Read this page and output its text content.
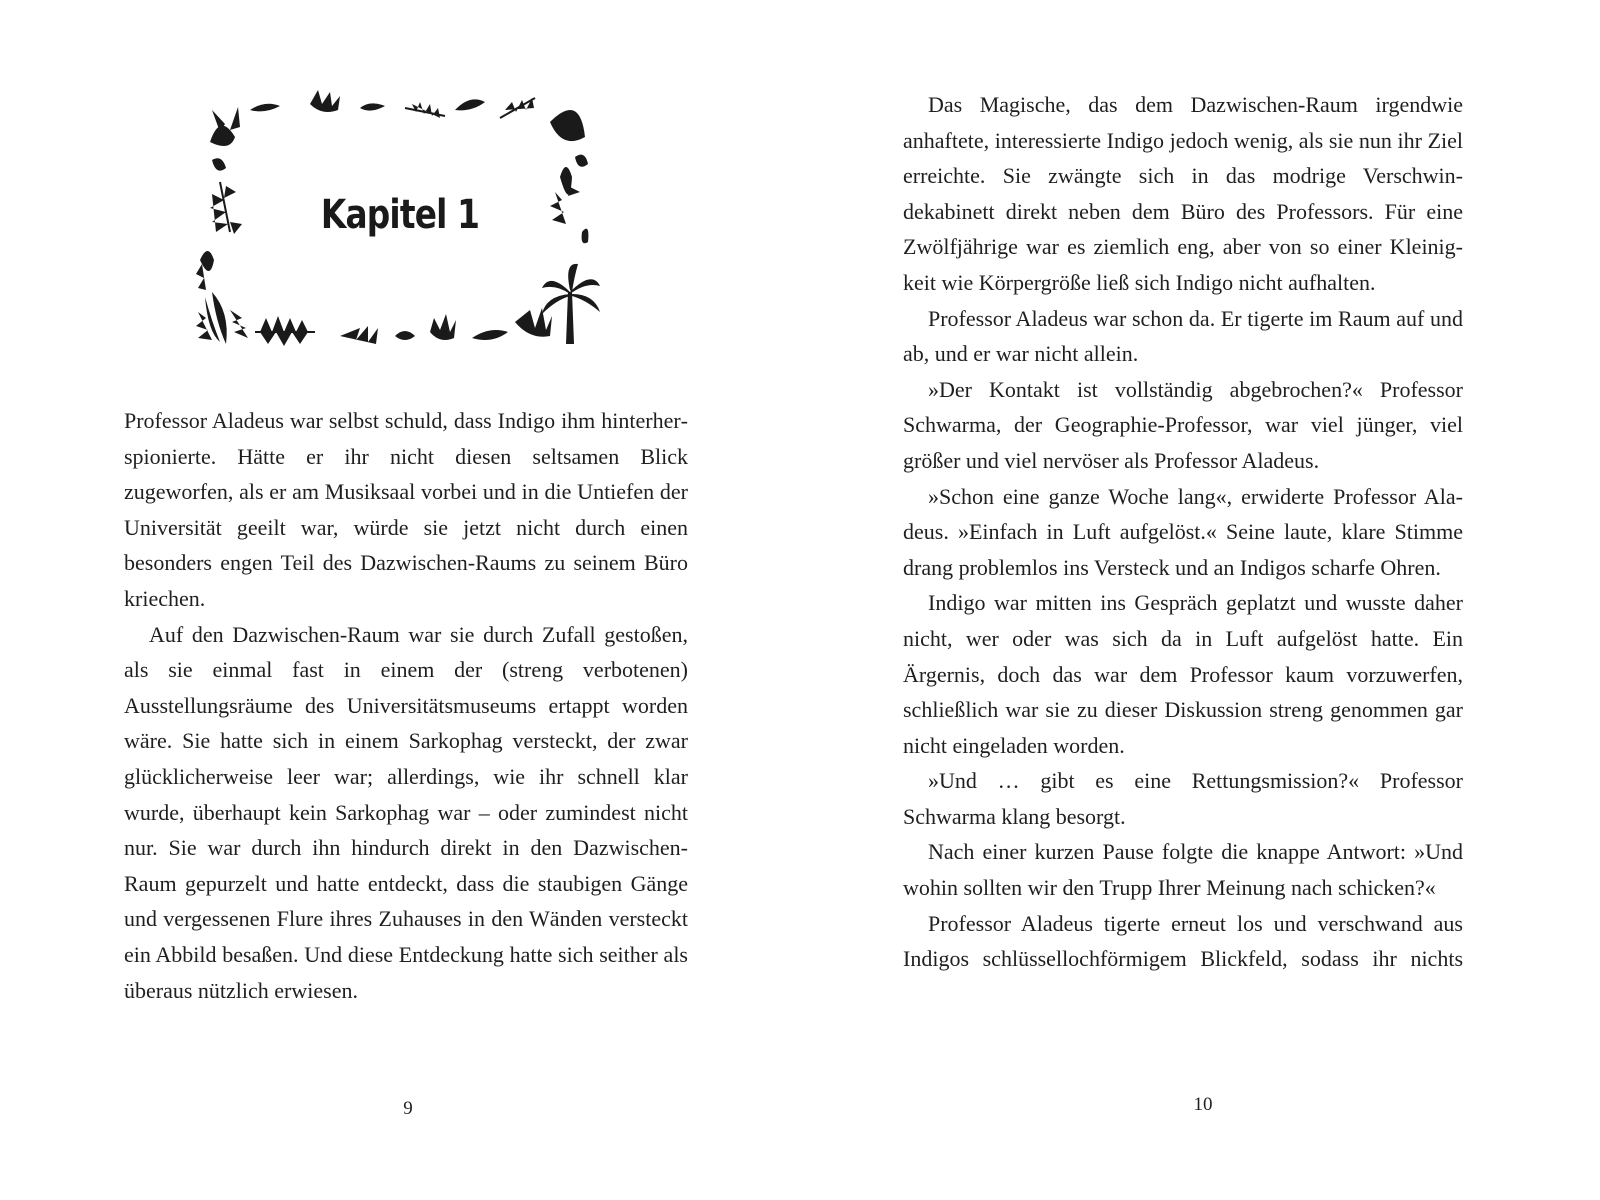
Kapitel 1

Professor Aladeus war selbst schuld, dass Indigo ihm hinterherspionierte. Hätte er ihr nicht diesen seltsamen Blick zugeworfen, als er am Musiksaal vorbei und in die Untiefen der Universität geeilt war, würde sie jetzt nicht durch einen besonders engen Teil des Dazwischen-Raums zu seinem Büro kriechen.

Auf den Dazwischen-Raum war sie durch Zufall gestoßen, als sie einmal fast in einem der (streng verbotenen) Ausstellungsräume des Universitätsmuseums ertappt worden wäre. Sie hatte sich in einem Sarkophag versteckt, der zwar glücklicherweise leer war; allerdings, wie ihr schnell klar wurde, überhaupt kein Sarkophag war – oder zumindest nicht nur. Sie war durch ihn hindurch direkt in den Dazwischen-Raum gepurzelt und hatte entdeckt, dass die staubigen Gänge und vergessenen Flure ihres Zuhauses in den Wänden versteckt ein Abbild besaßen. Und diese Entdeckung hatte sich seither als überaus nützlich erwiesen.

9

Das Magische, das dem Dazwischen-Raum irgendwie anhaftete, interessierte Indigo jedoch wenig, als sie nun ihr Ziel erreichte. Sie zwängte sich in das modrige Verschwindekabinett direkt neben dem Büro des Professors. Für eine Zwölfjährige war es ziemlich eng, aber von so einer Kleinigkeit wie Körpergröße ließ sich Indigo nicht aufhalten.

Professor Aladeus war schon da. Er tigerte im Raum auf und ab, und er war nicht allein.

»Der Kontakt ist vollständig abgebrochen?« Professor Schwarma, der Geographie-Professor, war viel jünger, viel größer und viel nervöser als Professor Aladeus.

»Schon eine ganze Woche lang«, erwiderte Professor Aladeus. »Einfach in Luft aufgelöst.« Seine laute, klare Stimme drang problemlos ins Versteck und an Indigos scharfe Ohren.

Indigo war mitten ins Gespräch geplatzt und wusste daher nicht, wer oder was sich da in Luft aufgelöst hatte. Ein Ärgernis, doch das war dem Professor kaum vorzuwerfen, schließlich war sie zu dieser Diskussion streng genommen gar nicht eingeladen worden.

»Und … gibt es eine Rettungsmission?« Professor Schwarma klang besorgt.

Nach einer kurzen Pause folgte die knappe Antwort: »Und wohin sollten wir den Trupp Ihrer Meinung nach schicken?«

Professor Aladeus tigerte erneut los und verschwand aus Indigos schlüssellochförmigem Blickfeld, sodass ihr nichts

10
